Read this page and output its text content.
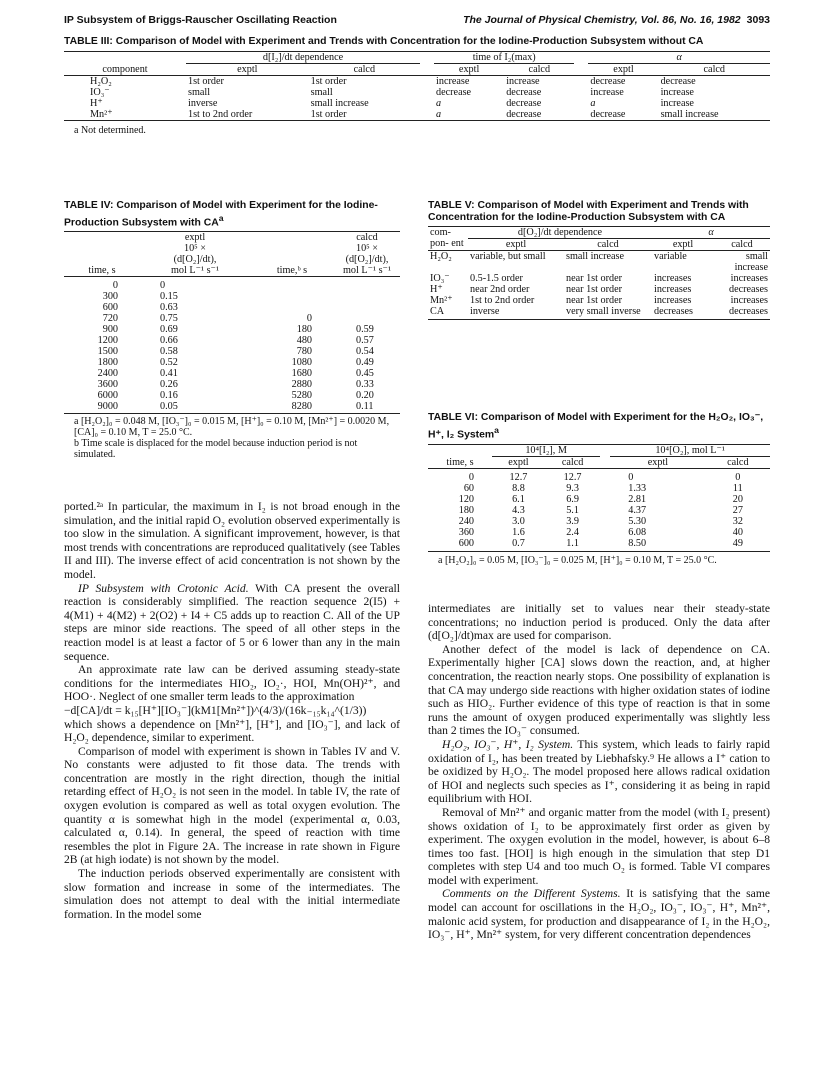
IP Subsystem of Briggs-Rauscher Oscillating Reaction	The Journal of Physical Chemistry, Vol. 86, No. 16, 1982 3093
TABLE III: Comparison of Model with Experiment and Trends with Concentration for the Iodine-Production Subsystem without CA
	d[I₂]/dt dependence			time of I₂(max)			α	
component	exptl	calcd		exptl	calcd		exptl	calcd
H₂O₂	1st order	1st order		increase	increase		decrease	decrease
IO₃⁻	small	small		decrease	decrease		increase	increase
H⁺	inverse	small increase		a	decrease		a	increase
Mn²⁺	1st to 2nd order	1st order		a	decrease		decrease	small increase
a Not determined.
TABLE IV: Comparison of Model with Experiment for the Iodine-Production Subsystem with $CA^a$
	exptl		calcd
	10⁵ ×		10⁵ ×
	(d[O₂]/dt),		(d[O₂]/dt),
time, s	mol L⁻¹ s⁻¹	time,ᵇ s	mol L⁻¹ s⁻¹

0	0		
300	0.15		
600	0.63		
720	0.75	0	
900	0.69	180	0.59
1200	0.66	480	0.57
1500	0.58	780	0.54
1800	0.52	1080	0.49
2400	0.41	1680	0.45
3600	0.26	2880	0.33
6000	0.16	5280	0.20
9000	0.05	8280	0.11
a [H₂O₂]₀ = 0.048 M, [IO₃⁻]₀ = 0.015 M, [H⁺]₀ = 0.10 M, [Mn²⁺] = 0.0020 M, [CA]₀ = 0.10 M, T = 25.0 °C.
b Time scale is displaced for the model because induction period is not simulated.

ported.²ᵃ In particular, the maximum in I₂ is not broad enough in the simulation, and the initial rapid O₂ evolution observed experimentally is too slow in the simulation. A significant improvement, however, is that most trends with concentrations are reproduced qualitatively (see Tables II and III). The inverse effect of acid concentration is not shown by the model.

IP Subsystem with Crotonic Acid. With CA present the overall reaction is considerably simplified. The reaction sequence 2(I5) + 4(M1) + 4(M2) + 2(O2) + I4 + C5 adds up to reaction C. All of the UP steps are minor side reactions. The speed of all other steps in the reaction model is at least a factor of 5 or 6 lower than any in the main sequence.

An approximate rate law can be derived assuming steady-state conditions for the intermediates HIO₂, IO₂·, HOI, Mn(OH)²⁺, and HOO·. Neglect of one smaller term leads to the approximation

−d[CA]/dt = k₁₅[H⁺][IO₃⁻](kM1[Mn²⁺])^(4/3)/(16k₋₁₅k₁₄^(1/3))

which shows a dependence on [Mn²⁺], [H⁺], and [IO₃⁻], and lack of H₂O₂ dependence, similar to experiment.

Comparison of model with experiment is shown in Tables IV and V. No constants were adjusted to fit those data. The trends with concentration are mostly in the right direction, though the initial retarding effect of H₂O₂ is not seen in the model. In table IV, the rate of oxygen evolution is compared as well as total oxygen evolution. The quantity α is somewhat high in the model (experimental α, 0.03, calculated α, 0.14). In general, the speed of reaction with time resembles the plot in Figure 2A. The increase in rate shown in Figure 2B (at high iodate) is not shown by the model.

The induction periods observed experimentally are consistent with slow formation and increase in some of the intermediates. The simulation does not attempt to deal with the initial intermediate formation. In the model some

TABLE V: Comparison of Model with Experiment and Trends with Concentration for the Iodine-Production Subsystem with CA
com- pon- ent	d[O₂]/dt dependence		α	
	exptl	calcd	exptl	calcd
H₂O₂	variable, but small	small increase	variable	small increase
IO₃⁻	0.5-1.5 order	near 1st order	increases	increases
H⁺	near 2nd order	near 1st order	increases	decreases
Mn²⁺	1st to 2nd order	near 1st order	increases	increases
CA	inverse	very small inverse	decreases	decreases
TABLE VI: Comparison of Model with Experiment for the H₂O₂, IO₃⁻, H⁺, I₂ System$^a$
	10⁴[I₂], M			10⁴[O₂], mol L⁻¹	
time, s	exptl	calcd		exptl	calcd

0	12.7	12.7		0	0
60	8.8	9.3		1.33	11
120	6.1	6.9		2.81	20
180	4.3	5.1		4.37	27
240	3.0	3.9		5.30	32
360	1.6	2.4		6.08	40
600	0.7	1.1		8.50	49
a [H₂O₂]₀ = 0.05 M, [IO₃⁻]₀ = 0.025 M, [H⁺]₀ = 0.10 M, T = 25.0 °C.

intermediates are initially set to values near their steady-state concentrations; no induction period is produced. Only the data after (d[O₂]/dt)max are used for comparison.

Another defect of the model is lack of dependence on CA. Experimentally higher [CA] slows down the reaction, and, at higher concentration, the reaction nearly stops. One possibility of explanation is that CA may undergo side reactions with higher oxidation states of iodine such as HIO₂. Further evidence of this type of reaction is that in some runs the amount of oxygen produced experimentally was slightly less than 2 times the IO₃⁻ consumed.

H₂O₂, IO₃⁻, H⁺, I₂ System. This system, which leads to fairly rapid oxidation of I₂, has been treated by Liebhafsky.⁹ He allows a I⁺ cation to be oxidized by H₂O₂. The model proposed here allows radical oxidation of HOI and neglects such species as I⁺, considering it as being in rapid equilibrium with HOI.

Removal of Mn²⁺ and organic matter from the model (with I₂ present) shows oxidation of I₂ to be approximately first order as given by experiment. The oxygen evolution in the model, however, is about 6–8 times too fast. [HOI] is high enough in the simulation that step D1 completes with step U4 and too much O₂ is formed. Table VI compares model with experiment.

Comments on the Different Systems. It is satisfying that the same model can account for oscillations in the H₂O₂, IO₃⁻, IO₃⁻, H⁺, Mn²⁺, malonic acid system, for production and disappearance of I₂ in the H₂O₂, IO₃⁻, H⁺, Mn²⁺ system, for very different concentration dependences
